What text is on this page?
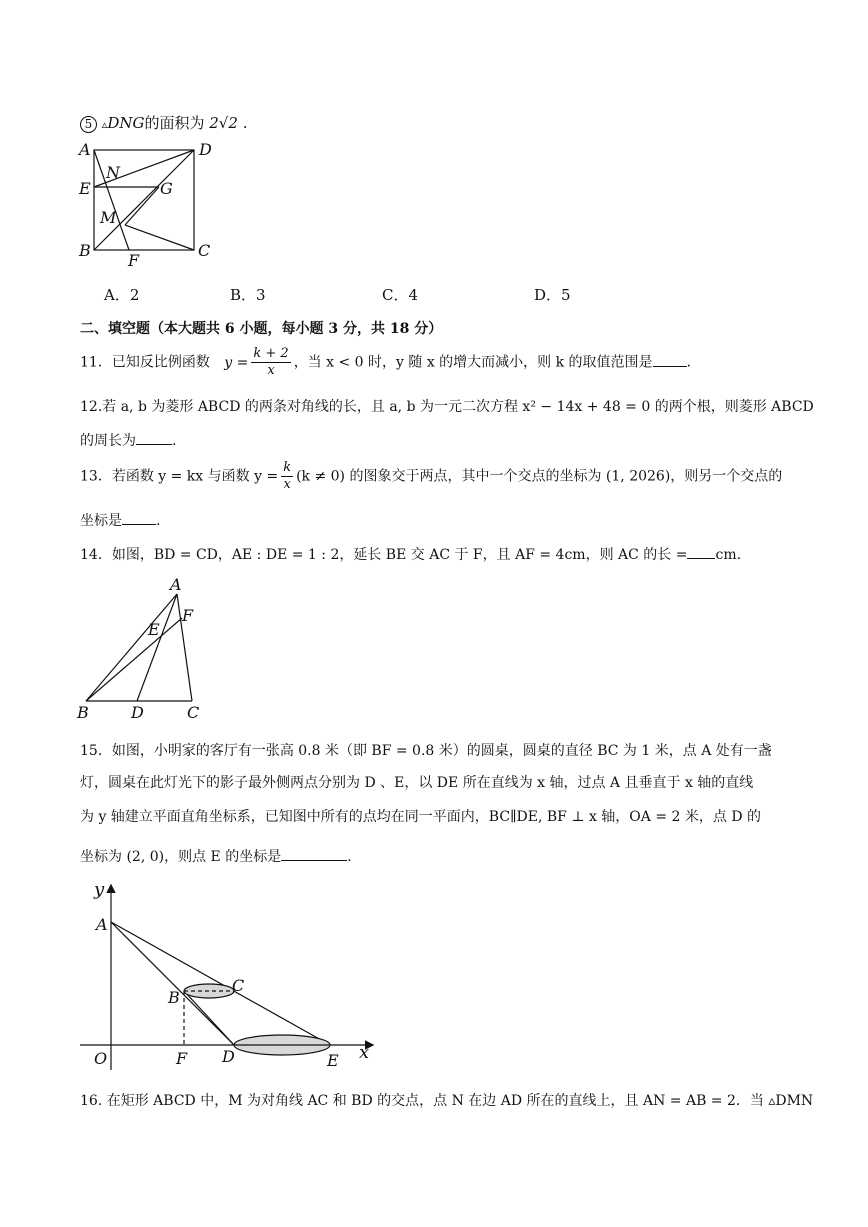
5 ▵DNG的面积为 2√2 .
A	D
N
E	G
M
B	C
F
A．2	B．3	C．4	D．5
二、填空题（本大题共 6 小题，每小题 3 分，共 18 分）
11．已知反比例函数 $y = \frac{k + 2}{x}$ ，当 x < 0 时，y 随 x 的增大而减小，则 k 的取值范围是 .
12.若 a, b 为菱形 ABCD 的两条对角线的长，且 a, b 为一元二次方程 x² − 14x + 48 = 0 的两个根，则菱形 ABCD
的周长为	.
13．若函数 y = kx 与函数 $y = \frac{k}{x} (k \ne 0)$ 的图象交于两点，其中一个交点的坐标为 (1, 2026)，则另一个交点的
坐标是 .
14．如图，BD = CD，AE : DE = 1 : 2，延长 BE 交 AC 于 F，且 AF = 4cm，则 AC 的长 = cm.
A
F
E
B	D	C
15．如图，小明家的客厅有一张高 0.8 米（即 BF = 0.8 米）的圆桌，圆桌的直径 BC 为 1 米，点 A 处有一盏
灯，圆桌在此灯光下的影子最外侧两点分别为 D 、E，以 DE 所在直线为 x 轴，过点 A 且垂直于 x 轴的直线
为 y 轴建立平面直角坐标系，已知图中所有的点均在同一平面内，BC∥DE, BF ⊥ x 轴，OA = 2 米，点 D 的
坐标为 (2, 0)，则点 E 的坐标是	.
y
A
C
B
O	F D	E x
16. 在矩形 ABCD 中，M 为对角线 AC 和 BD 的交点，点 N 在边 AD 所在的直线上，且 AN = AB = 2．当 ▵DMN
